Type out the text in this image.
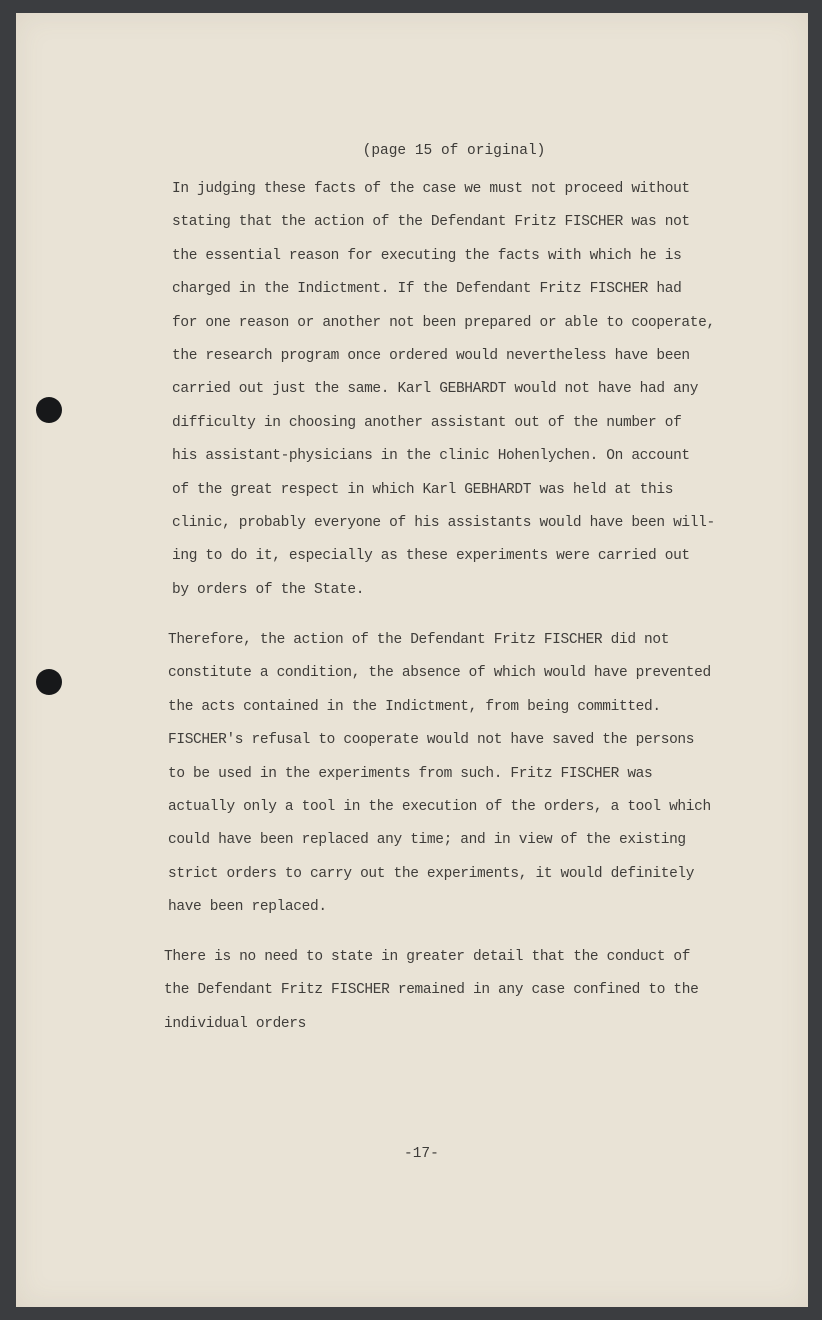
(page 15 of original)
In judging these facts of the case we must not proceed without
stating that the action of the Defendant Fritz FISCHER was not
the essential reason for executing the facts with which he is
charged in the Indictment. If the Defendant Fritz FISCHER had
for one reason or another not been prepared or able to cooperate,
the research program once ordered would nevertheless have been
carried out just the same. Karl GEBHARDT would not have had any
difficulty in choosing another assistant out of the number of
his assistant-physicians in the clinic Hohenlychen. On account
of the great respect in which Karl GEBHARDT was held at this
clinic, probably everyone of his assistants would have been will-
ing to do it, especially as these experiments were carried out
by orders of the State.
Therefore, the action of the Defendant Fritz FISCHER did not
constitute a condition, the absence of which would have prevented
the acts contained in the Indictment, from being committed.
FISCHER's refusal to cooperate would not have saved the persons
to be used in the experiments from such. Fritz FISCHER was
actually only a tool in the execution of the orders, a tool which
could have been replaced any time; and in view of the existing
strict orders to carry out the experiments, it would definitely
have been replaced.
There is no need to state in greater detail that the conduct of
the Defendant Fritz FISCHER remained in any case confined to the
individual orders
-17-
